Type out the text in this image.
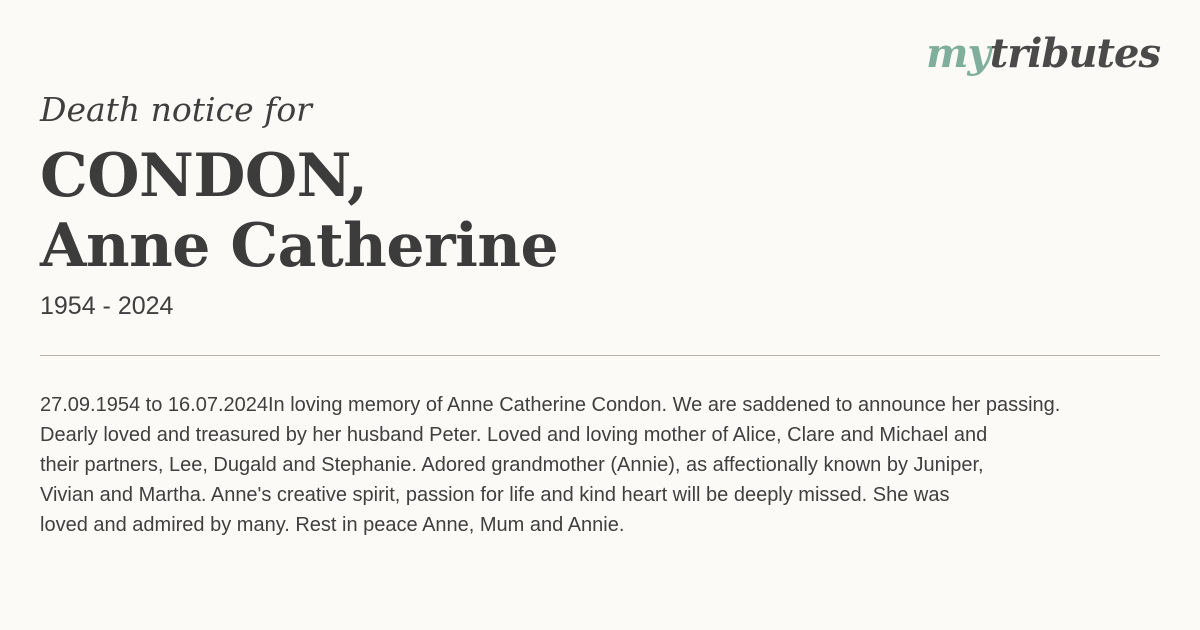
mytributes

Death notice for

CONDON,
Anne Catherine

1954 - 2024

27.09.1954 to 16.07.2024In loving memory of Anne Catherine Condon. We are saddened to announce her passing.
Dearly loved and treasured by her husband Peter. Loved and loving mother of Alice, Clare and Michael and
their partners, Lee, Dugald and Stephanie. Adored grandmother (Annie), as affectionally known by Juniper,
Vivian and Martha. Anne's creative spirit, passion for life and kind heart will be deeply missed. She was
loved and admired by many. Rest in peace Anne, Mum and Annie.
